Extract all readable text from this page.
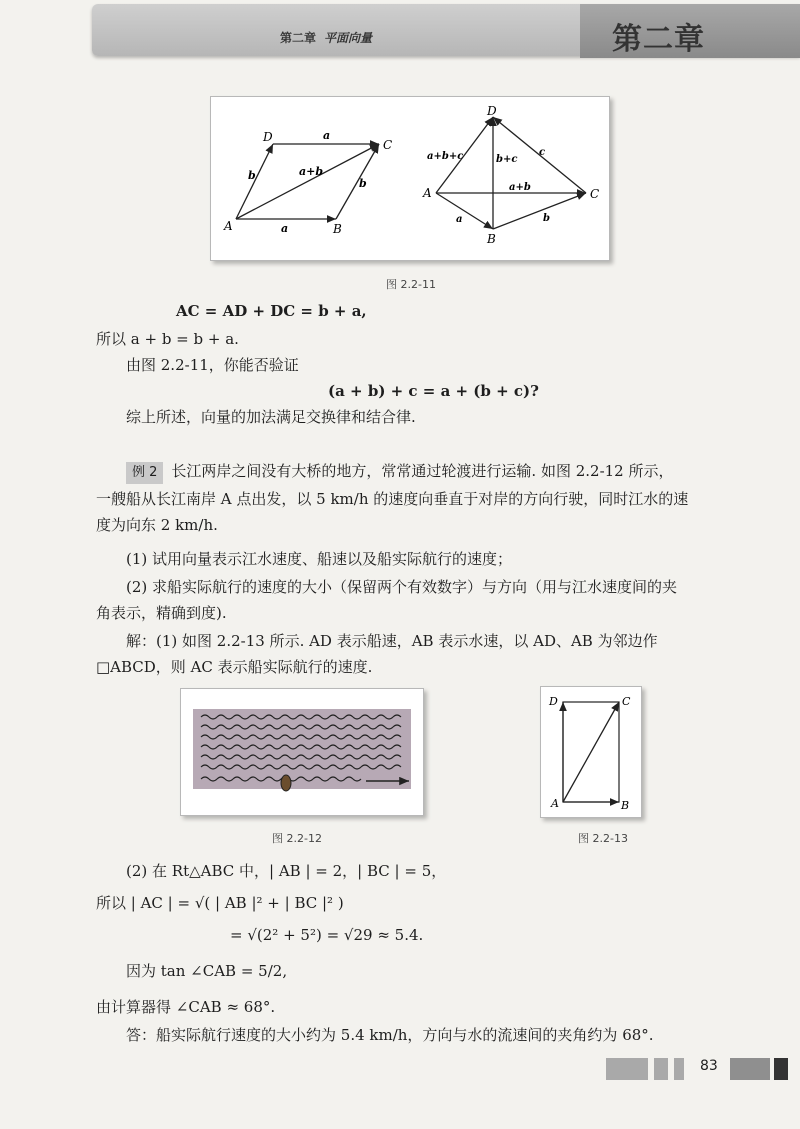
第二章 平面向量	第二章
A	B
C
D	a
a
b
b
a+b
A
B
C
D
a+b+c	b+c
c
a+b
a	b
图 2.2-11
AC = AD + DC = b + a,
所以 a + b = b + a.
由图 2.2-11，你能否验证
(a + b) + c = a + (b + c)?
综上所述，向量的加法满足交换律和结合律.
例 2 长江两岸之间没有大桥的地方，常常通过轮渡进行运输. 如图 2.2-12 所示，
一艘船从长江南岸 A 点出发，以 5 km/h 的速度向垂直于对岸的方向行驶，同时江水的速
度为向东 2 km/h.
(1) 试用向量表示江水速度、船速以及船实际航行的速度；
(2) 求船实际航行的速度的大小（保留两个有效数字）与方向（用与江水速度间的夹
角表示，精确到度).
解：(1) 如图 2.2-13 所示. AD 表示船速，AB 表示水速，以 AD、AB 为邻边作
□ABCD，则 AC 表示船实际航行的速度.
图 2.2-12
A	B
C
D
图 2.2-13
(2) 在 Rt△ABC 中，| AB | = 2，| BC | = 5，
所以 | AC | = √( | AB |² + | BC |² )
= √(2² + 5²) = √29 ≈ 5.4.
因为 tan ∠CAB = 5/2,
由计算器得 ∠CAB ≈ 68°.
答：船实际航行速度的大小约为 5.4 km/h，方向与水的流速间的夹角约为 68°.
83
